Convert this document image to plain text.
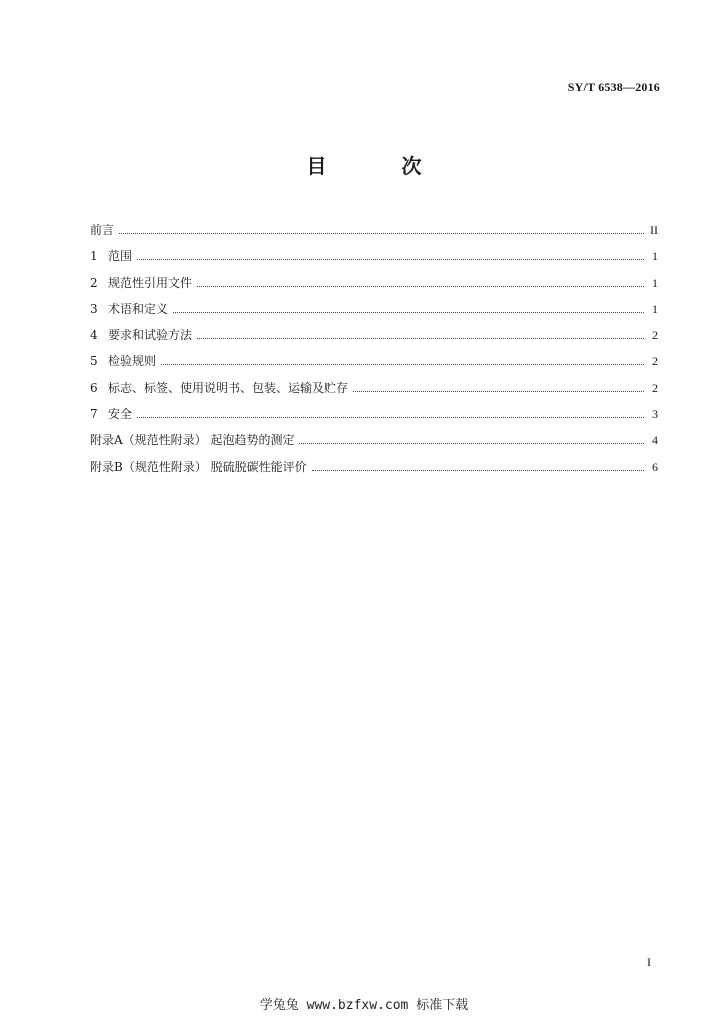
SY/T 6538—2016
目 次
前言	II
1 范围	1
2 规范性引用文件	1
3 术语和定义	1
4 要求和试验方法	2
5 检验规则	2
6 标志、标签、使用说明书、包装、运输及贮存	2
7 安全	3
附录A（规范性附录） 起泡趋势的测定	4
附录B（规范性附录） 脱硫脱碳性能评价	6
I
学兔兔 www.bzfxw.com 标准下载
